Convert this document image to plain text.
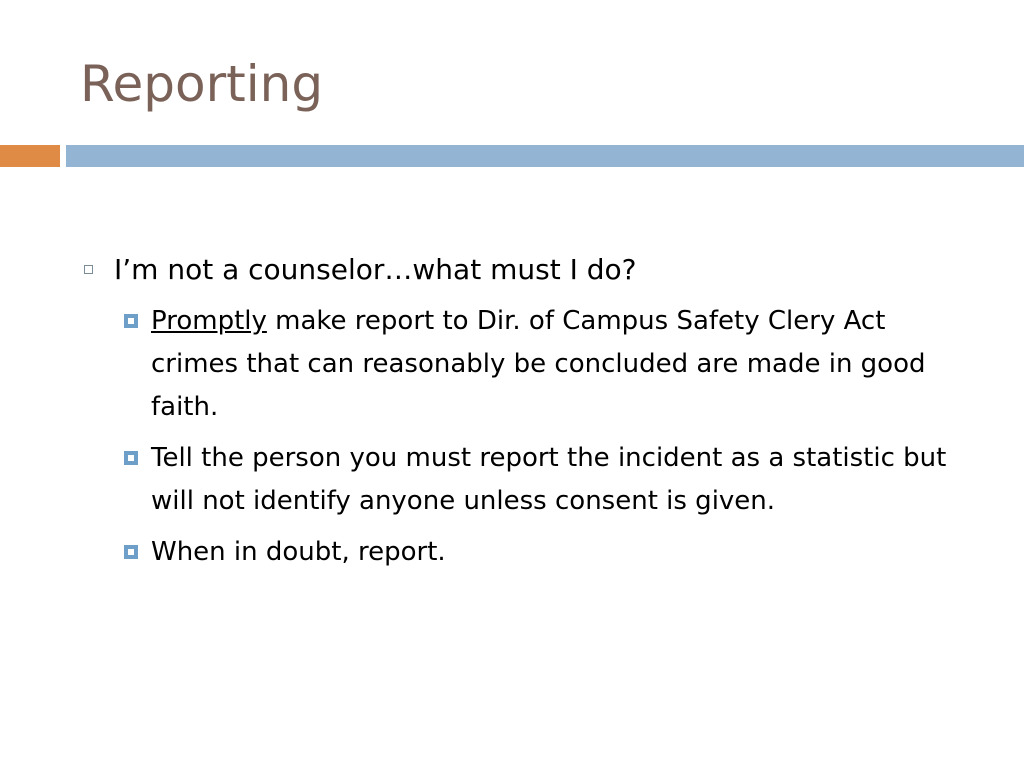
Reporting
I’m not a counselor…what must I do?
Promptly make report to Dir. of Campus Safety Clery Act crimes that can reasonably be concluded are made in good faith.
Tell the person you must report the incident as a statistic but will not identify anyone unless consent is given.
When in doubt, report.
